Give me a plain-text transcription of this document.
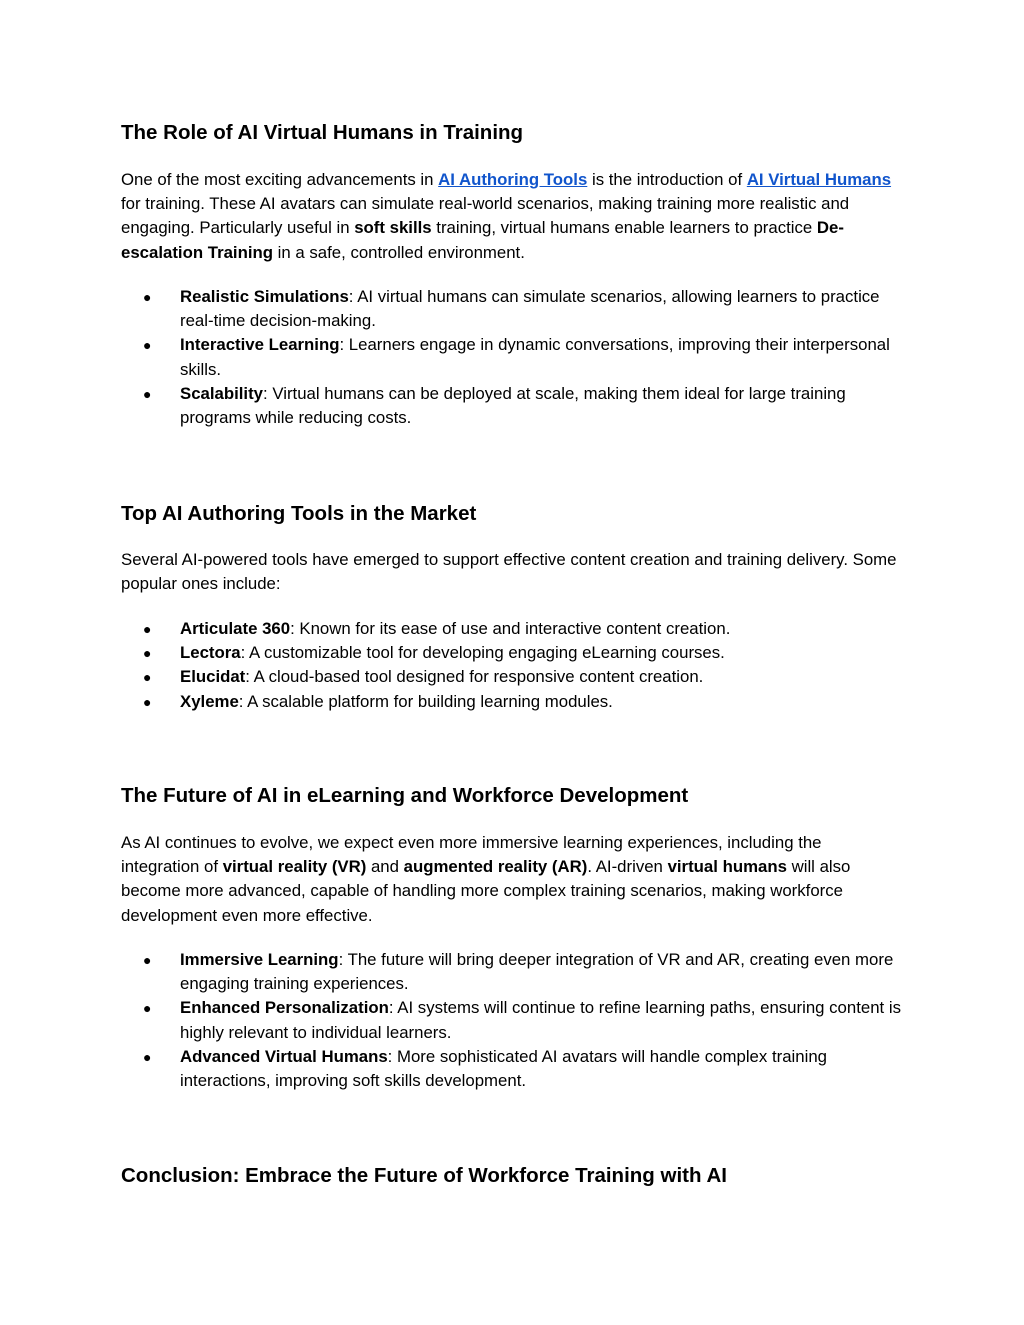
The Role of AI Virtual Humans in Training

One of the most exciting advancements in AI Authoring Tools is the introduction of AI Virtual Humans for training. These AI avatars can simulate real-world scenarios, making training more realistic and engaging. Particularly useful in soft skills training, virtual humans enable learners to practice De-escalation Training in a safe, controlled environment.

● Realistic Simulations: AI virtual humans can simulate scenarios, allowing learners to practice real-time decision-making.
● Interactive Learning: Learners engage in dynamic conversations, improving their interpersonal skills.
● Scalability: Virtual humans can be deployed at scale, making them ideal for large training programs while reducing costs.
Top AI Authoring Tools in the Market

Several AI-powered tools have emerged to support effective content creation and training delivery. Some popular ones include:

● Articulate 360: Known for its ease of use and interactive content creation.
● Lectora: A customizable tool for developing engaging eLearning courses.
● Elucidat: A cloud-based tool designed for responsive content creation.
● Xyleme: A scalable platform for building learning modules.
The Future of AI in eLearning and Workforce Development

As AI continues to evolve, we expect even more immersive learning experiences, including the integration of virtual reality (VR) and augmented reality (AR). AI-driven virtual humans will also become more advanced, capable of handling more complex training scenarios, making workforce development even more effective.

● Immersive Learning: The future will bring deeper integration of VR and AR, creating even more engaging training experiences.
● Enhanced Personalization: AI systems will continue to refine learning paths, ensuring content is highly relevant to individual learners.
● Advanced Virtual Humans: More sophisticated AI avatars will handle complex training interactions, improving soft skills development.
Conclusion: Embrace the Future of Workforce Training with AI
